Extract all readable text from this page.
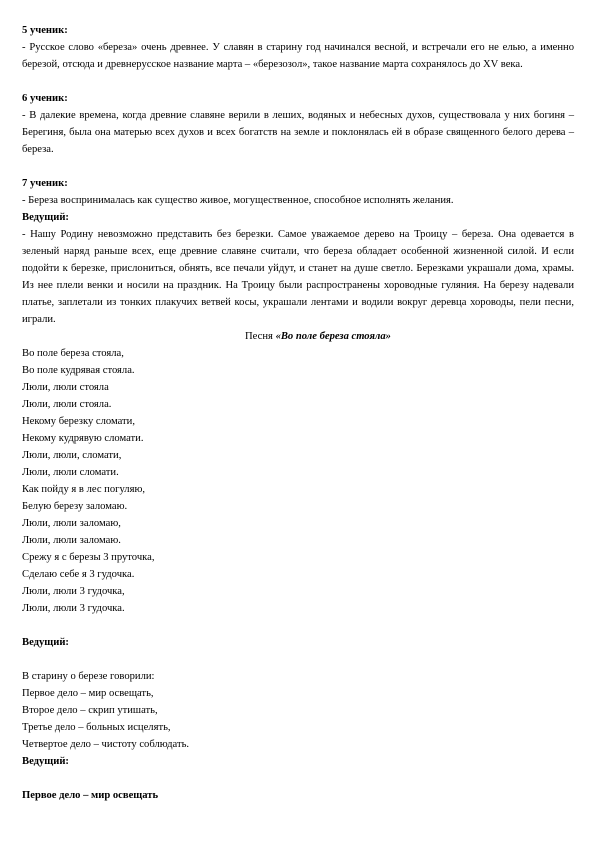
5 ученик:
- Русское слово «береза» очень древнее. У славян в старину год начинался весной, и встречали его не елью, а именно березой, отсюда и древнерусское название марта – «березозол», такое название марта сохранялось до XV века.
6 ученик:
- В далекие времена, когда древние славяне верили в леших, водяных и небесных духов, существовала у них богиня – Берегиня, была она матерью всех духов и всех богатств на земле и поклонялась ей в образе священного белого дерева – береза.
7 ученик:
- Береза воспринималась как существо живое, могущественное, способное исполнять желания.
Ведущий:
- Нашу Родину невозможно представить без березки. Самое уважаемое дерево на Троицу – береза. Она одевается в зеленый наряд раньше всех, еще древние славяне считали, что береза обладает особенной жизненной силой. И если подойти к березке, прислониться, обнять, все печали уйдут, и станет на душе светло. Березками украшали дома, храмы. Из нее плели венки и носили на праздник. На Троицу были распространены хороводные гуляния. На березу надевали платье, заплетали из тонких плакучих ветвей косы, украшали лентами и водили вокруг деревца хороводы, пели песни, играли.
Песня «Во поле береза стояла»
Во поле береза стояла,
Во поле кудрявая стояла.
Люли, люли стояла
Люли, люли стояла.
Некому березку сломати,
Некому кудрявую сломати.
Люли, люли, сломати,
Люли, люли сломати.
Как пойду я в лес погуляю,
Белую березу заломаю.
Люли, люли заломаю,
Люли, люли заломаю.
Срежу я с березы 3 пруточка,
Сделаю себе я 3 гудочка.
Люли, люли 3 гудочка,
Люли, люли 3 гудочка.
Ведущий:
В старину о березе говорили:
Первое дело – мир освещать,
Второе дело – скрип утишать,
Третье дело – больных исцелять,
Четвертое дело – чистоту соблюдать.
Ведущий:
Первое дело – мир освещать
